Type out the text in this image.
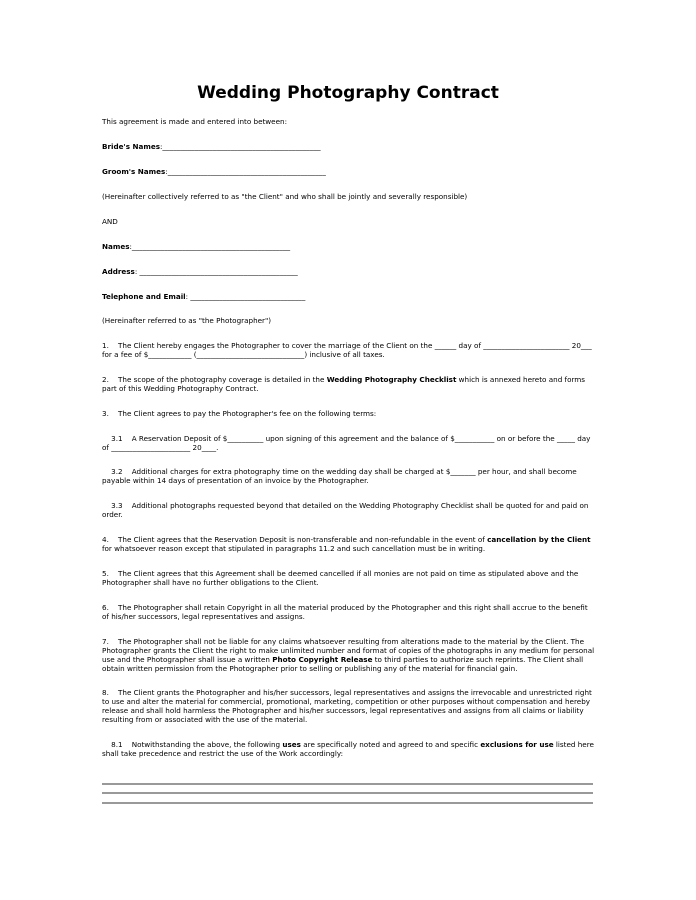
Wedding Photography Contract
This agreement is made and entered into between:
Bride's Names:____________________________________________
Groom's Names:____________________________________________
(Hereinafter collectively referred to as "the Client" and who shall be jointly and severally responsible)
AND
Names:____________________________________________
Address: ____________________________________________
Telephone and Email: ________________________________
(Hereinafter referred to as "the Photographer")
1.    The Client hereby engages the Photographer to cover the marriage of the Client on the ______ day of ________________________ 20___ for a fee of $____________ (______________________________) inclusive of all taxes.
2.    The scope of the photography coverage is detailed in the Wedding Photography Checklist which is annexed hereto and forms part of this Wedding Photography Contract.
3.    The Client agrees to pay the Photographer's fee on the following terms:
3.1    A Reservation Deposit of $__________ upon signing of this agreement and the balance of $___________ on or before the _____ day of ______________________ 20____.
3.2    Additional charges for extra photography time on the wedding day shall be charged at $_______ per hour, and shall become payable within 14 days of presentation of an invoice by the Photographer.
3.3    Additional photographs requested beyond that detailed on the Wedding Photography Checklist shall be quoted for and paid on order.
4.    The Client agrees that the Reservation Deposit is non-transferable and non-refundable in the event of cancellation by the Client for whatsoever reason except that stipulated in paragraphs 11.2 and such cancellation must be in writing.
5.    The Client agrees that this Agreement shall be deemed cancelled if all monies are not paid on time as stipulated above and the Photographer shall have no further obligations to the Client.
6.    The Photographer shall retain Copyright in all the material produced by the Photographer and this right shall accrue to the benefit of his/her successors, legal representatives and assigns.
7.    The Photographer shall not be liable for any claims whatsoever resulting from alterations made to the material by the Client. The Photographer grants the Client the right to make unlimited number and format of copies of the photographs in any medium for personal use and the Photographer shall issue a written Photo Copyright Release to third parties to authorize such reprints. The Client shall obtain written permission from the Photographer prior to selling or publishing any of the material for financial gain.
8.    The Client grants the Photographer and his/her successors, legal representatives and assigns the irrevocable and unrestricted right to use and alter the material for commercial, promotional, marketing, competition or other purposes without compensation and hereby release and shall hold harmless the Photographer and his/her successors, legal representatives and assigns from all claims or liability resulting from or associated with the use of the material.
8.1    Notwithstanding the above, the following uses are specifically noted and agreed to and specific exclusions for use listed here shall take precedence and restrict the use of the Work accordingly:
